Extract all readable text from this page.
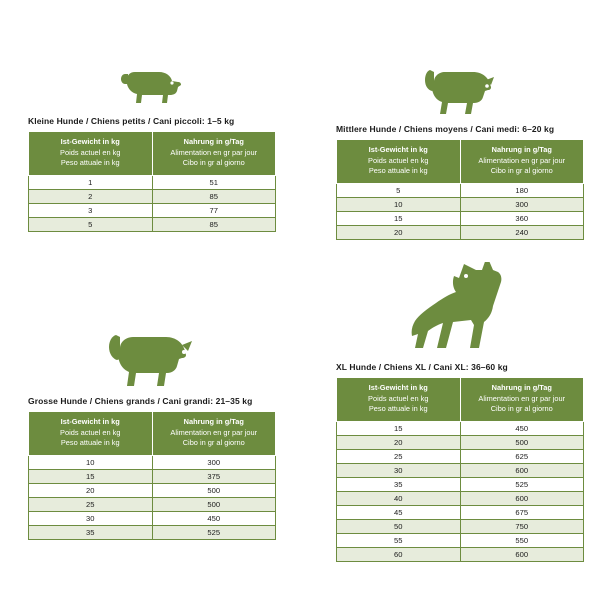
Kleine Hunde / Chiens petits / Cani piccoli: 1–5 kg
Ist-Gewicht in kg
Poids actuel en kg
Peso attuale in kg	Nahrung in g/Tag
Alimentation en gr par jour
Cibo in gr al giorno

1	51
2	85
3	77
5	85
Mittlere Hunde / Chiens moyens / Cani medi: 6–20 kg
Ist-Gewicht in kg
Poids actuel en kg
Peso attuale in kg	Nahrung in g/Tag
Alimentation en gr par jour
Cibo in gr al giorno

5	180
10	300
15	360
20	240
Grosse Hunde / Chiens grands / Cani grandi: 21–35 kg
Ist-Gewicht in kg
Poids actuel en kg
Peso attuale in kg	Nahrung in g/Tag
Alimentation en gr par jour
Cibo in gr al giorno

10	300
15	375
20	500
25	500
30	450
35	525
XL Hunde / Chiens XL / Cani XL: 36–60 kg
Ist-Gewicht in kg
Poids actuel en kg
Peso attuale in kg	Nahrung in g/Tag
Alimentation en gr par jour
Cibo in gr al giorno

15	450
20	500
25	625
30	600
35	525
40	600
45	675
50	750
55	550
60	600
